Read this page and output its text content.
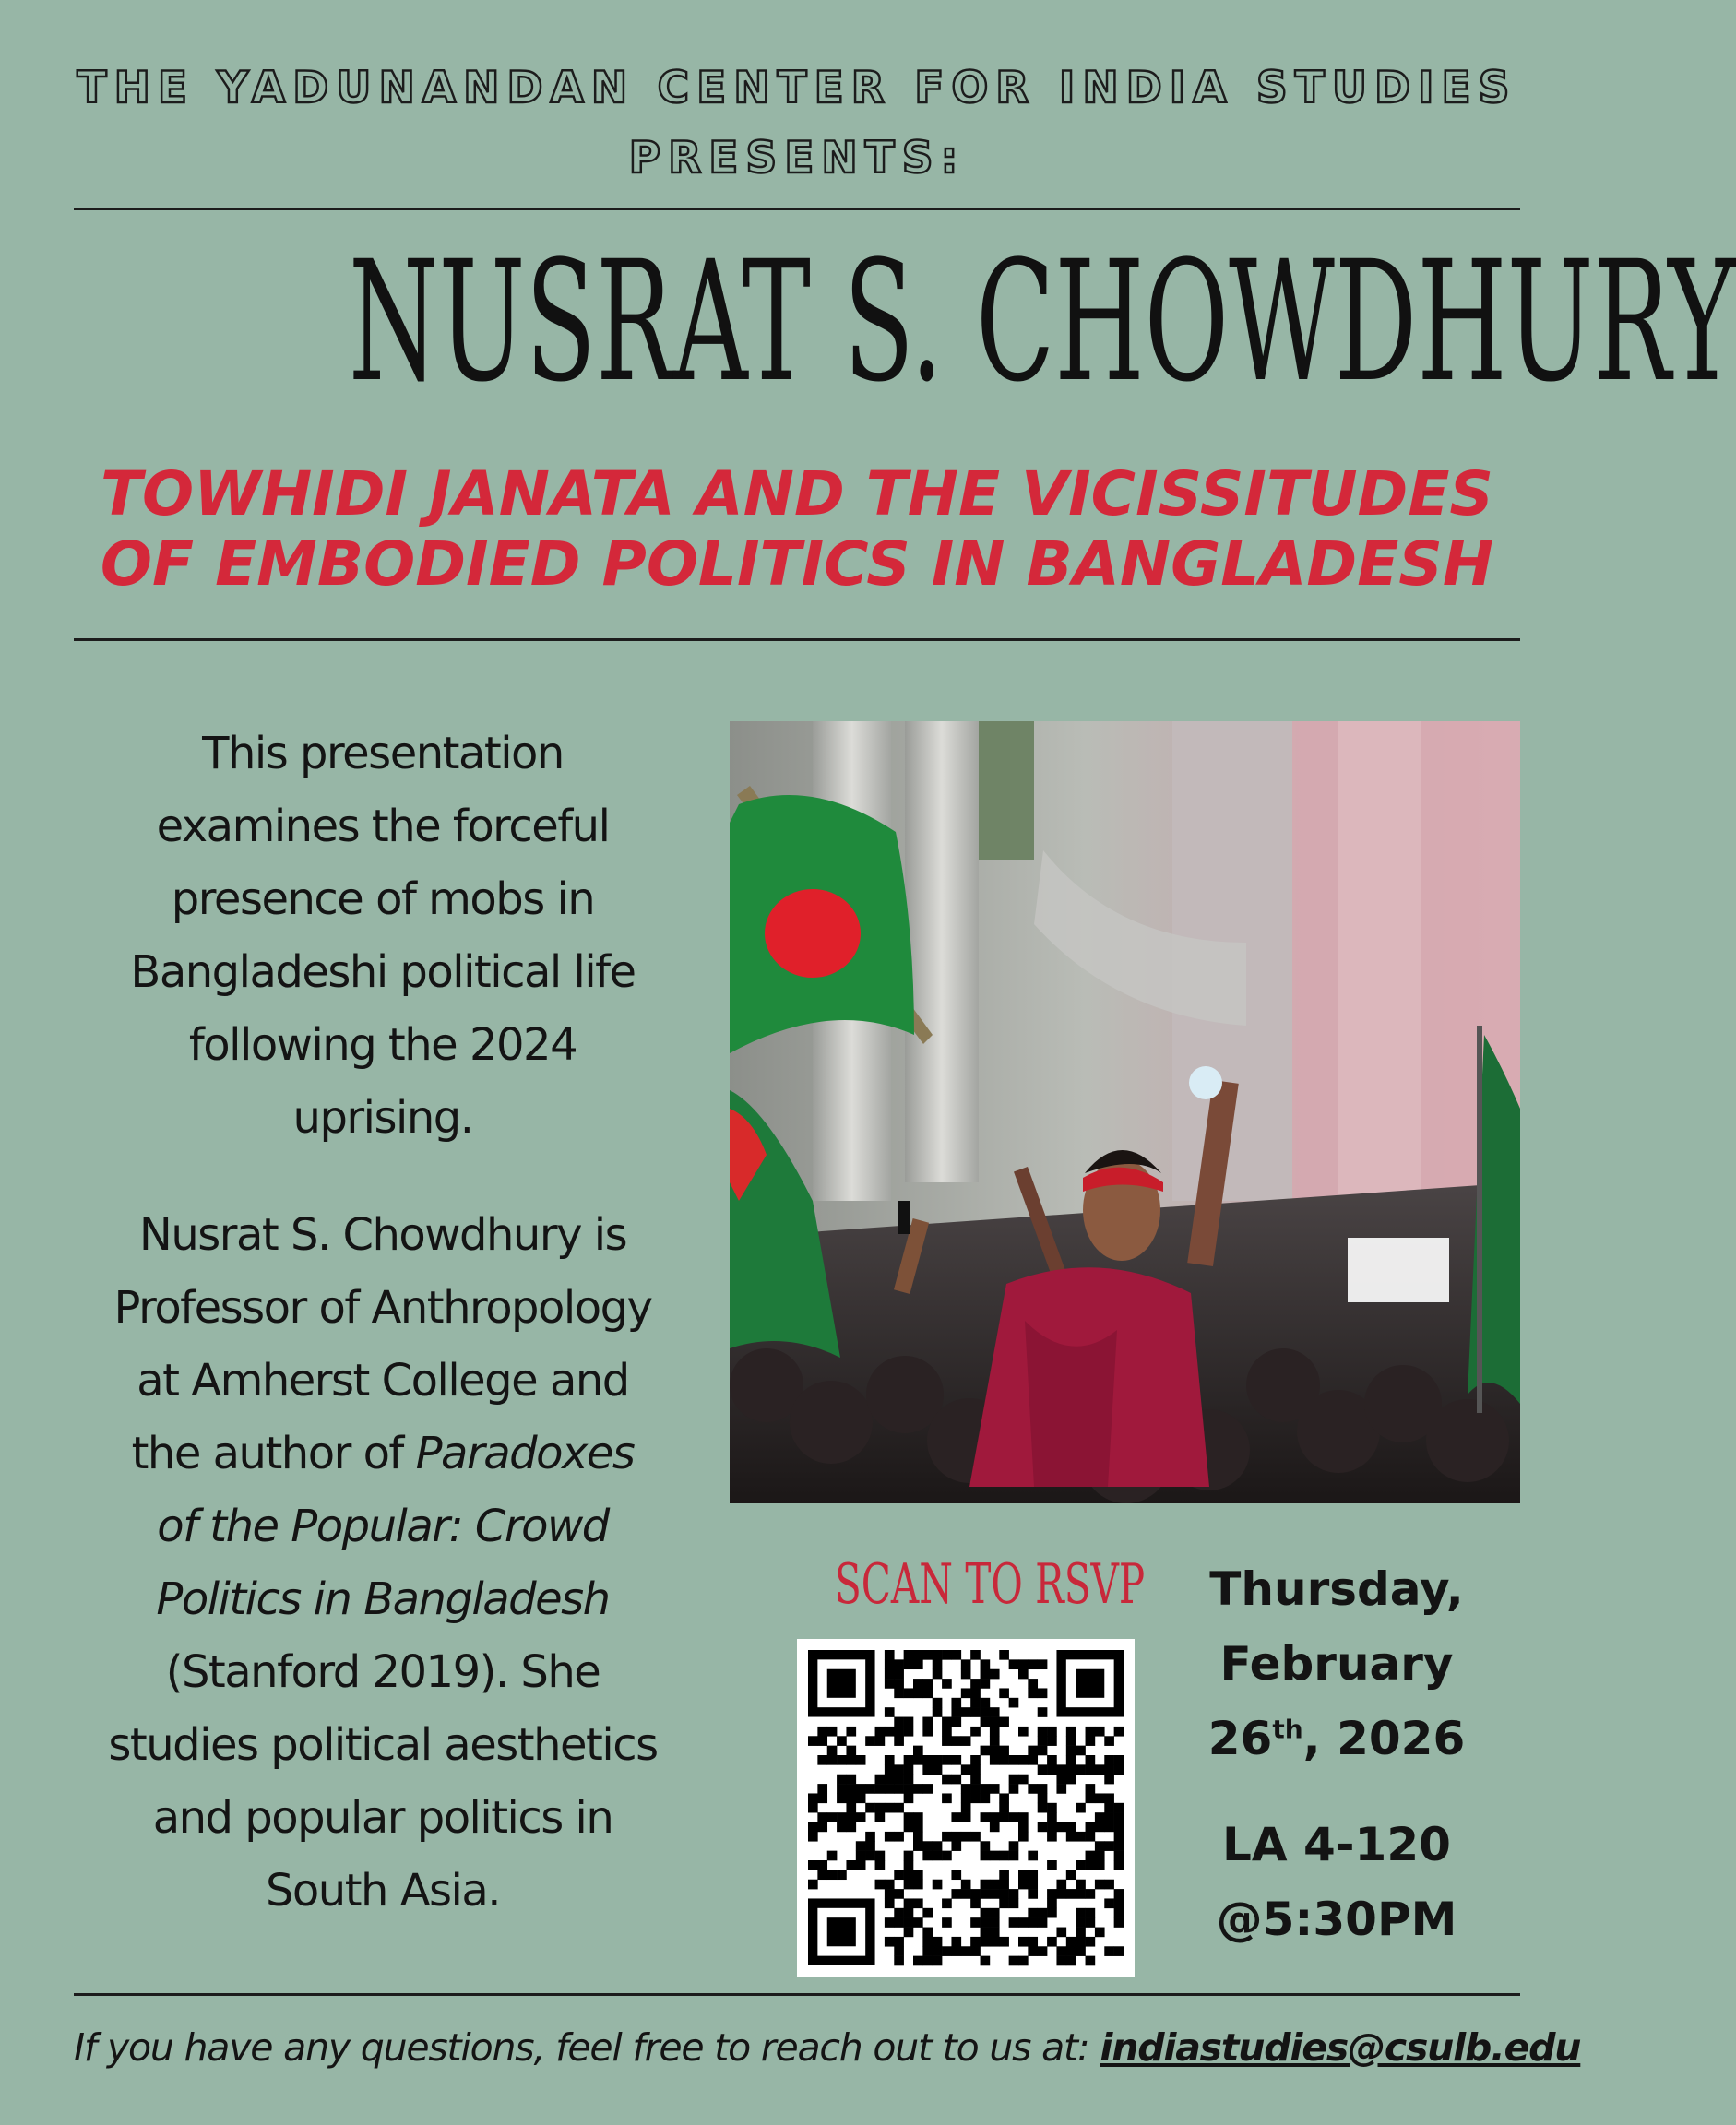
THE YADUNANDAN CENTER FOR INDIA STUDIES
PRESENTS:
NUSRAT S. CHOWDHURY
TOWHIDI JANATA AND THE VICISSITUDES
OF EMBODIED POLITICS IN BANGLADESH
This presentation
examines the forceful
presence of mobs in
Bangladeshi political life
following the 2024
uprising.
Nusrat S. Chowdhury is
Professor of Anthropology
at Amherst College and
the author of Paradoxes
of the Popular: Crowd
Politics in Bangladesh
(Stanford 2019). She
studies political aesthetics
and popular politics in
South Asia.
SCAN TO RSVP	Thursday,
February
26th, 2026
LA 4-120
@5:30PM
If you have any questions, feel free to reach out to us at: indiastudies@csulb.edu
